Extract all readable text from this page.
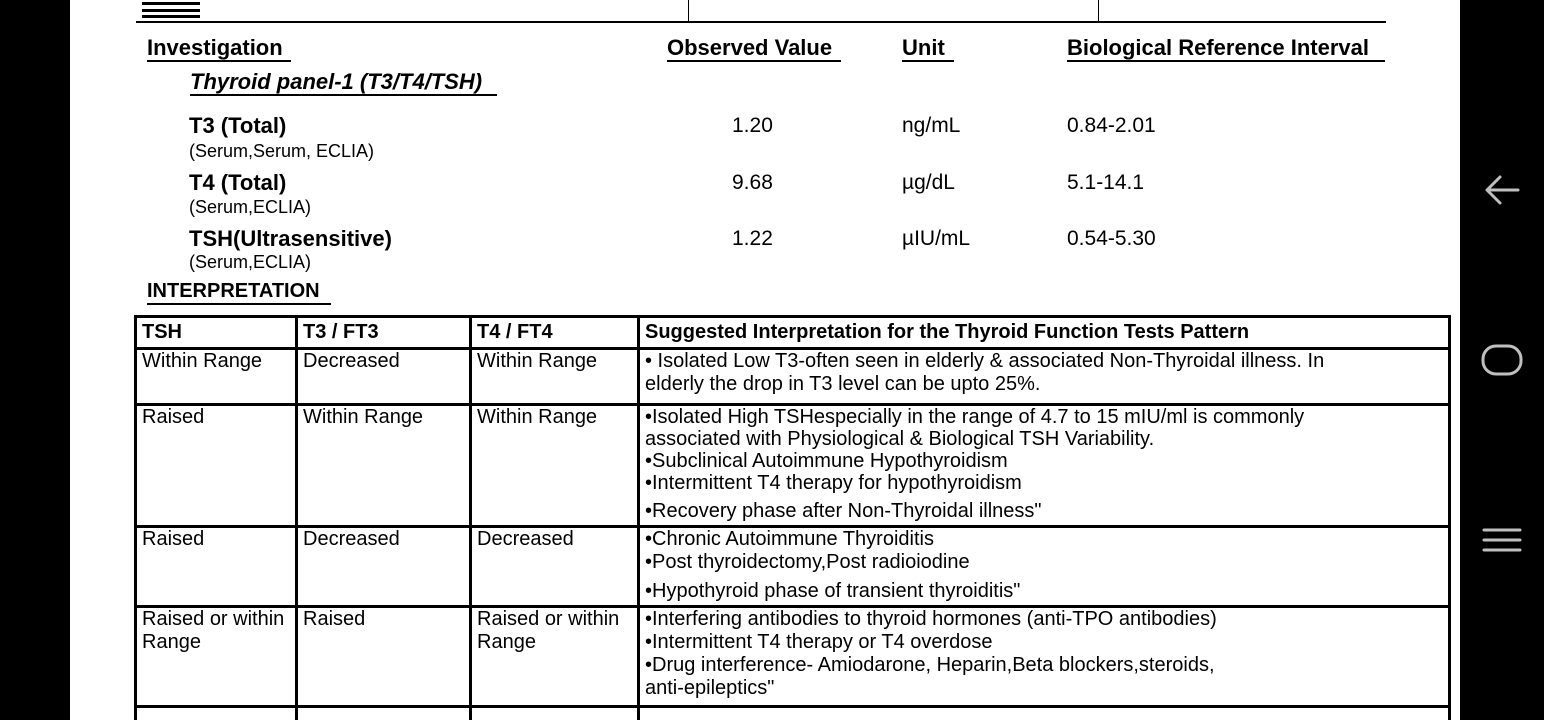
Investigation	Observed Value	Unit	Biological Reference Interval
Thyroid panel-1 (T3/T4/TSH)
T3 (Total)
(Serum,Serum, ECLIA)
1.20	ng/mL	0.84-2.01
T4 (Total)
(Serum,ECLIA)
9.68	µg/dL	5.1-14.1
TSH(Ultrasensitive)
(Serum,ECLIA)
1.22	µIU/mL	0.54-5.30
INTERPRETATION
TSH	T3 / FT3	T4 / FT4	Suggested Interpretation for the Thyroid Function Tests Pattern
Within Range	Decreased	Within Range	• Isolated Low T3-often seen in elderly & associated Non-Thyroidal illness. In
elderly the drop in T3 level can be upto 25%.

Raised	Within Range	Within Range	•Isolated High TSHespecially in the range of 4.7 to 15 mIU/ml is commonly
associated with Physiological & Biological TSH Variability.
•Subclinical Autoimmune Hypothyroidism
•Intermittent T4 therapy for hypothyroidism
•Recovery phase after Non-Thyroidal illness"

Raised	Decreased	Decreased	•Chronic Autoimmune Thyroiditis
•Post thyroidectomy,Post radioiodine
•Hypothyroid phase of transient thyroiditis"

Raised or within Range	Raised	Raised or within Range	•Interfering antibodies to thyroid hormones (anti-TPO antibodies)
•Intermittent T4 therapy or T4 overdose
•Drug interference- Amiodarone, Heparin,Beta blockers,steroids,
anti-epileptics"
